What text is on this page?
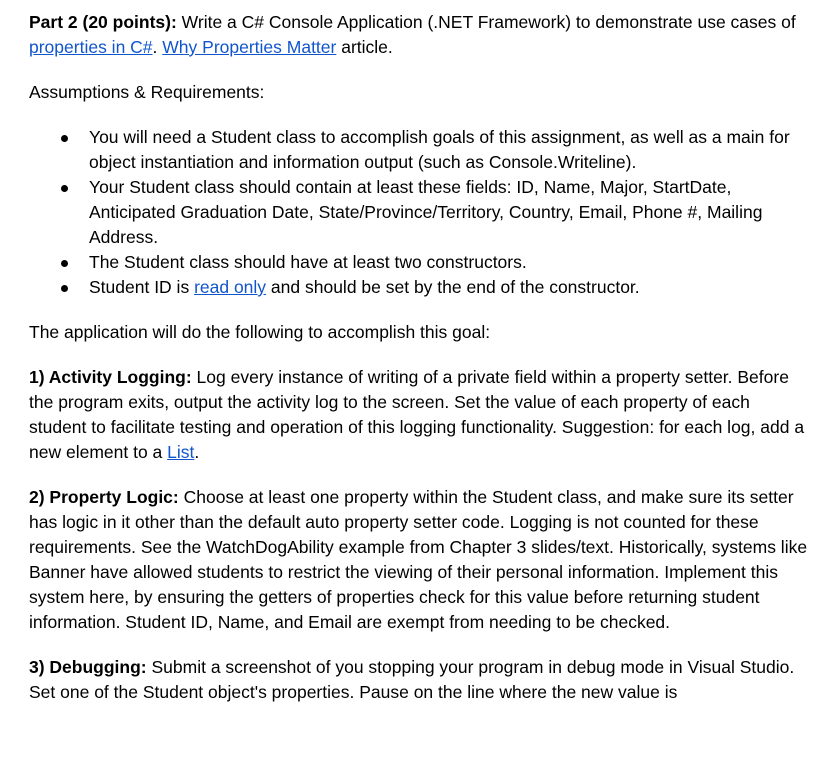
Part 2 (20 points): Write a C# Console Application (.NET Framework) to demonstrate use cases of properties in C#. Why Properties Matter article.

Assumptions & Requirements:

You will need a Student class to accomplish goals of this assignment, as well as a main for object instantiation and information output (such as Console.Writeline).
Your Student class should contain at least these fields: ID, Name, Major, StartDate, Anticipated Graduation Date, State/Province/Territory, Country, Email, Phone #, Mailing Address.
The Student class should have at least two constructors.
Student ID is read only and should be set by the end of the constructor.

The application will do the following to accomplish this goal:

1) Activity Logging: Log every instance of writing of a private field within a property setter. Before the program exits, output the activity log to the screen. Set the value of each property of each student to facilitate testing and operation of this logging functionality. Suggestion: for each log, add a new element to a List.

2) Property Logic: Choose at least one property within the Student class, and make sure its setter has logic in it other than the default auto property setter code. Logging is not counted for these requirements. See the WatchDogAbility example from Chapter 3 slides/text. Historically, systems like Banner have allowed students to restrict the viewing of their personal information. Implement this system here, by ensuring the getters of properties check for this value before returning student information. Student ID, Name, and Email are exempt from needing to be checked.

3) Debugging: Submit a screenshot of you stopping your program in debug mode in Visual Studio. Set one of the Student object's properties. Pause on the line where the new value is
